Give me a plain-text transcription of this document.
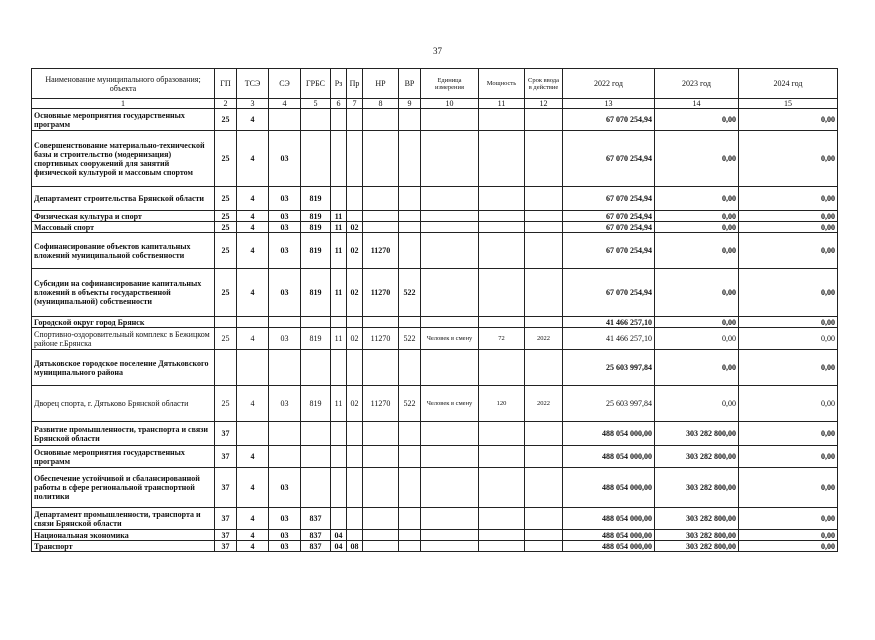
37
Наименование муниципального образования; объекта	ГП	ТСЭ	СЭ	ГРБС	Рз	Пр	НР	ВР	Единица измерения	Мощность	Срок ввода в действие	2022 год	2023 год	2024 год
1	2	3	4	5	6	7	8	9	10	11	12	13	14	15
Основные мероприятия государственных программ	25	4										67 070 254,94	0,00	0,00
Совершенствование материально-технической базы и строительство (модернизация) спортивных сооружений для занятий физической культурой и массовым спортом	25	4	03									67 070 254,94	0,00	0,00
Департамент строительства Брянской области	25	4	03	819								67 070 254,94	0,00	0,00
Физическая культура и спорт	25	4	03	819	11							67 070 254,94	0,00	0,00
Массовый спорт	25	4	03	819	11	02						67 070 254,94	0,00	0,00
Софинансирование объектов капитальных вложений муниципальной собственности	25	4	03	819	11	02	11270					67 070 254,94	0,00	0,00
Субсидии на софинансирование капитальных вложений в объекты государственной (муниципальной) собственности	25	4	03	819	11	02	11270	522				67 070 254,94	0,00	0,00
Городской округ город Брянск												41 466 257,10	0,00	0,00
Спортивно-оздоровительный комплекс в Бежицком районе г.Брянска	25	4	03	819	11	02	11270	522	Человек в смену	72	2022	41 466 257,10	0,00	0,00
Дятьковское городское поселение Дятьковского муниципального района												25 603 997,84	0,00	0,00
Дворец спорта, г. Дятьково Брянской области	25	4	03	819	11	02	11270	522	Человек в смену	120	2022	25 603 997,84	0,00	0,00
Развитие промышленности, транспорта и связи Брянской области	37											488 054 000,00	303 282 800,00	0,00
Основные мероприятия государственных программ	37	4										488 054 000,00	303 282 800,00	0,00
Обеспечение устойчивой и сбалансированной работы в сфере региональной транспортной политики	37	4	03									488 054 000,00	303 282 800,00	0,00
Департамент промышленности, транспорта и связи Брянской области	37	4	03	837								488 054 000,00	303 282 800,00	0,00
Национальная экономика	37	4	03	837	04							488 054 000,00	303 282 800,00	0,00
Транспорт	37	4	03	837	04	08						488 054 000,00	303 282 800,00	0,00
